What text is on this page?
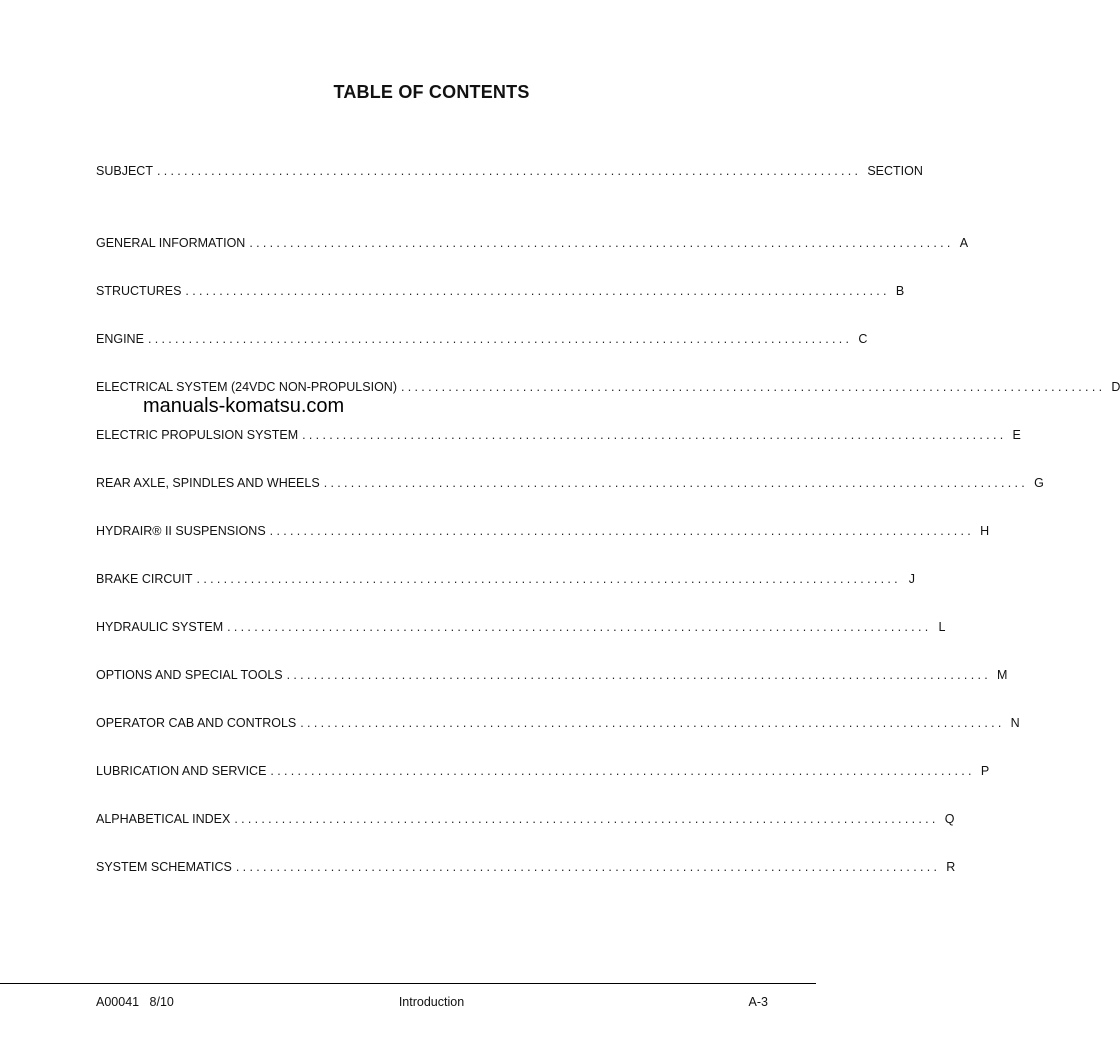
TABLE OF CONTENTS
SUBJECT ........................................................................................................ SECTION
GENERAL INFORMATION ........................................................................................................ A
STRUCTURES ........................................................................................................ B
ENGINE ........................................................................................................ C
ELECTRICAL SYSTEM (24VDC NON-PROPULSION) ........................................................................................................ D
manuals-komatsu.com
ELECTRIC PROPULSION SYSTEM ........................................................................................................ E
REAR AXLE, SPINDLES AND WHEELS ........................................................................................................ G
HYDRAIR® II SUSPENSIONS ........................................................................................................ H
BRAKE CIRCUIT ........................................................................................................ J
HYDRAULIC SYSTEM ........................................................................................................ L
OPTIONS AND SPECIAL TOOLS ........................................................................................................ M
OPERATOR CAB AND CONTROLS ........................................................................................................ N
LUBRICATION AND SERVICE ........................................................................................................ P
ALPHABETICAL INDEX ........................................................................................................ Q
SYSTEM SCHEMATICS ........................................................................................................ R
A00041   8/10	Introduction	A-3
